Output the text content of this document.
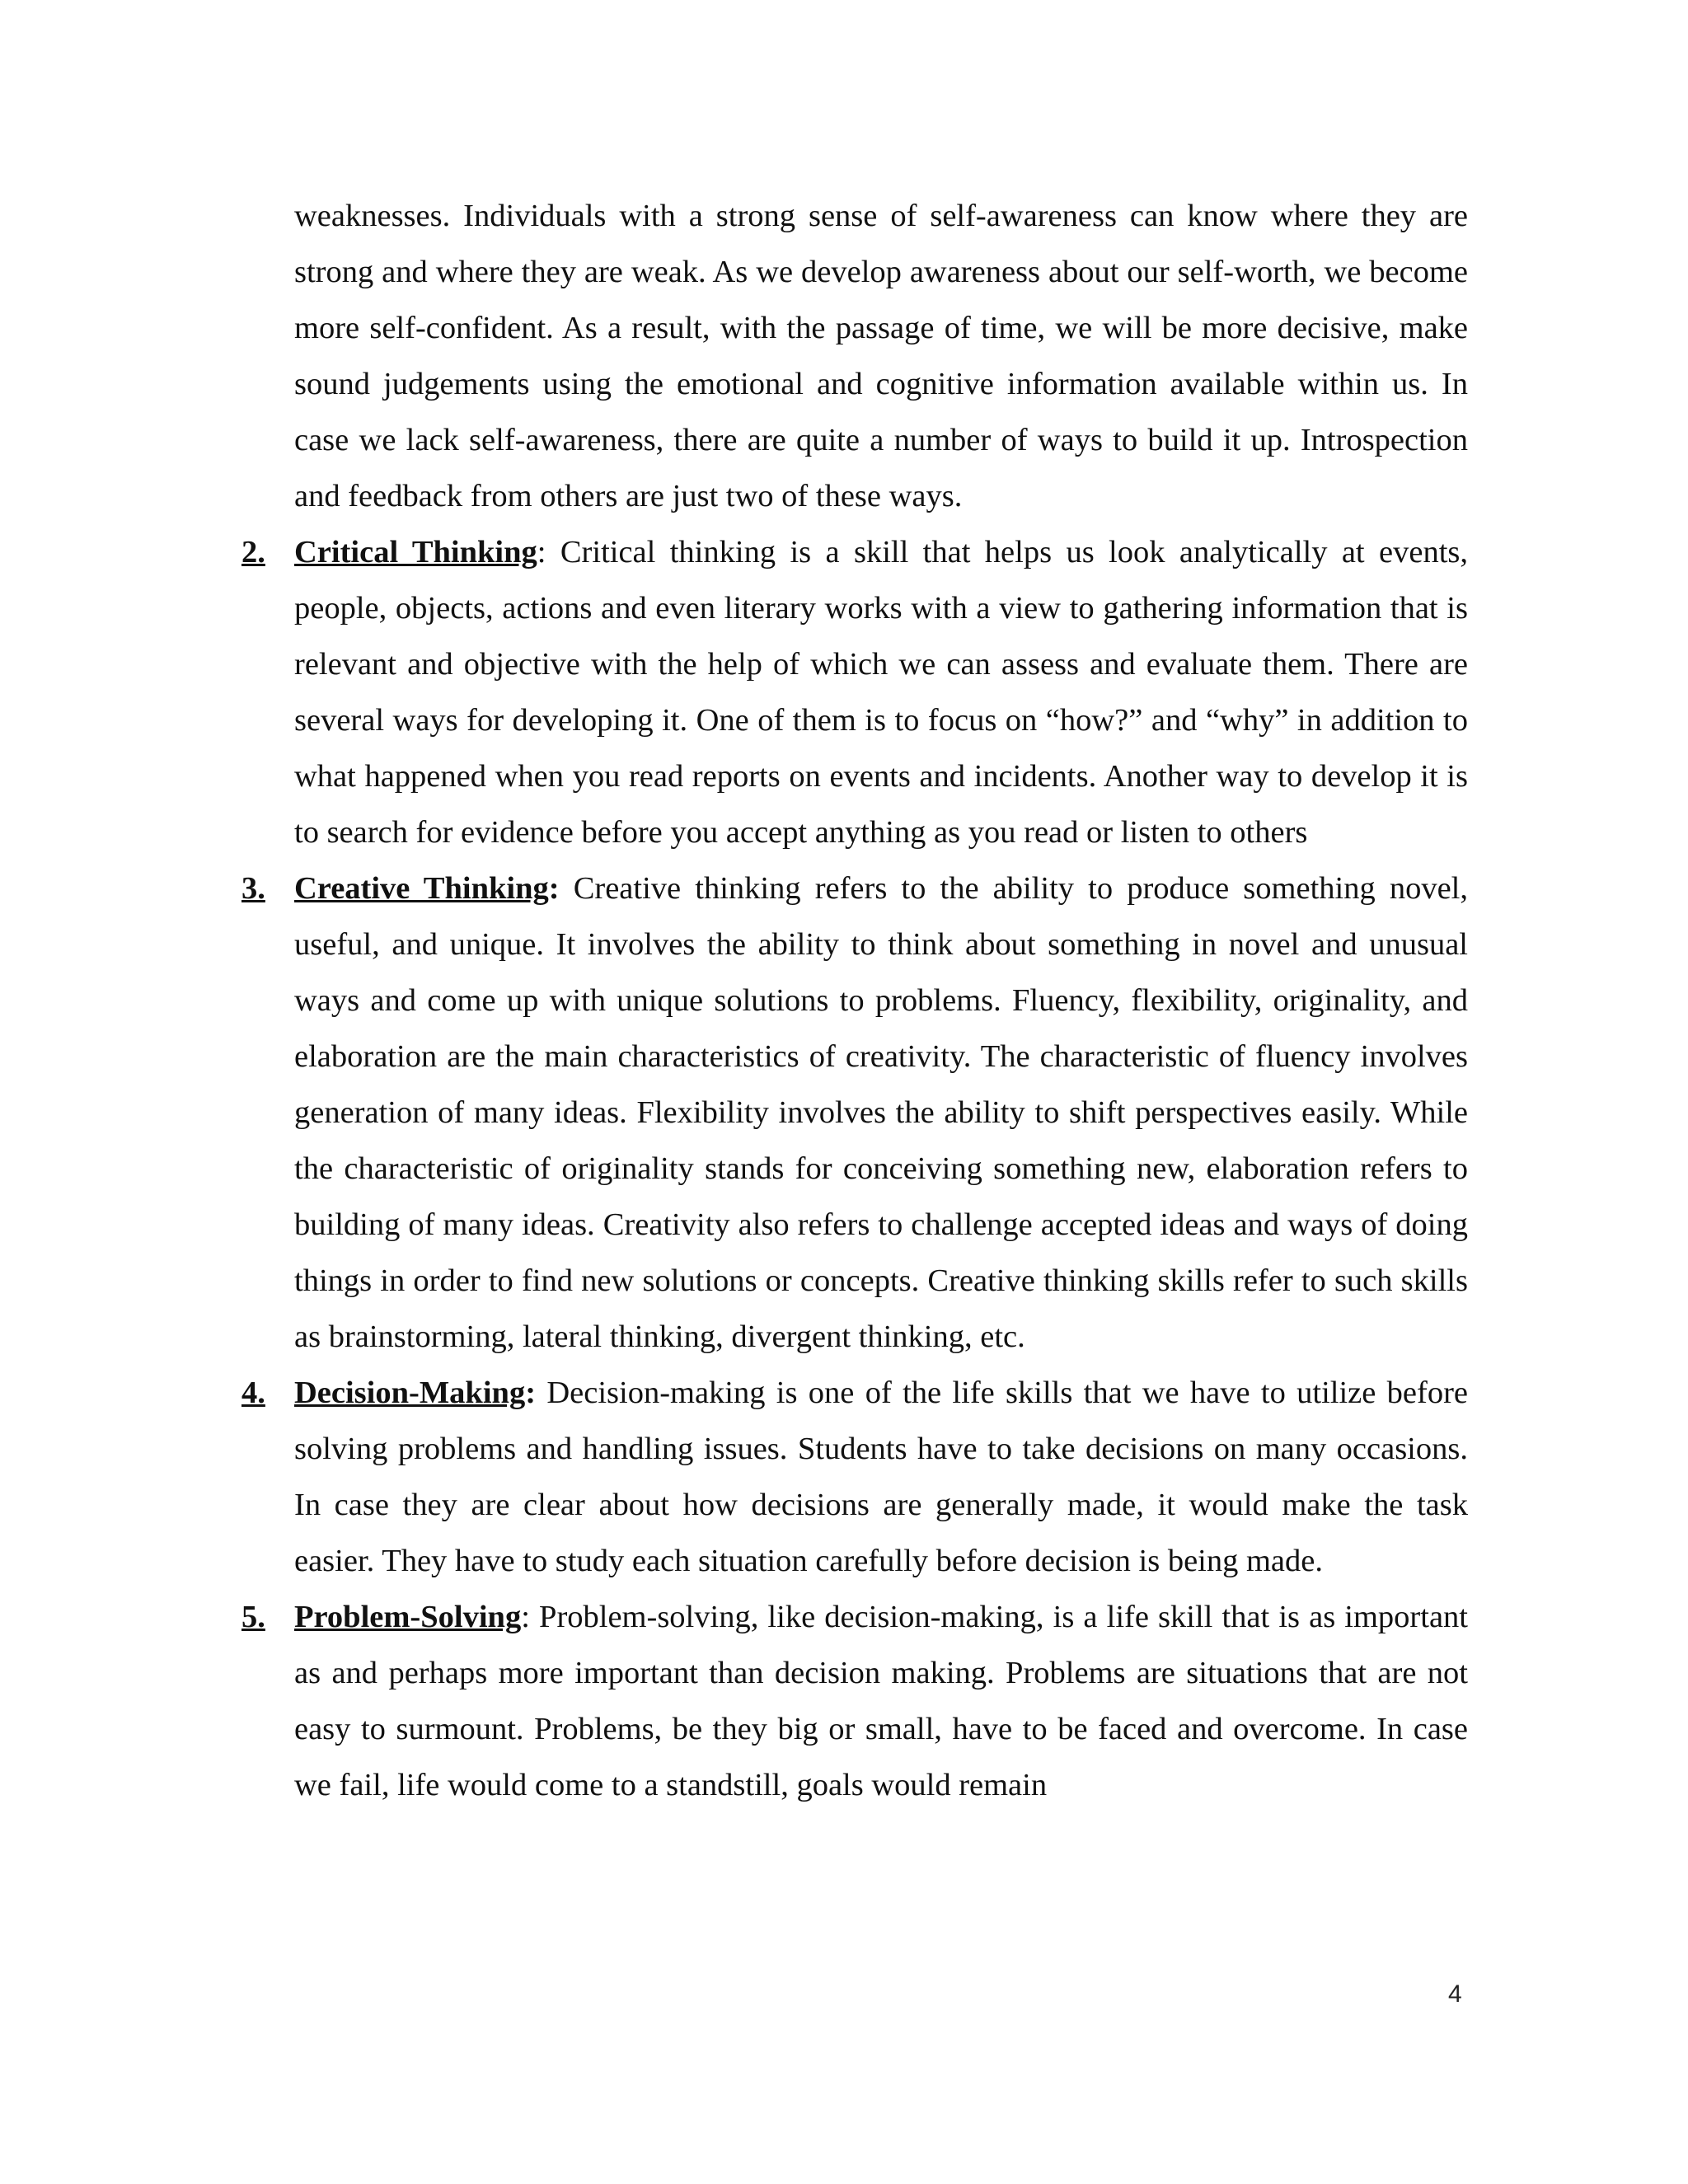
weaknesses. Individuals with a strong sense of self-awareness can know where they are strong and where they are weak. As we develop awareness about our self-worth, we become more self-confident. As a result, with the passage of time, we will be more decisive, make sound judgements using the emotional and cognitive information available within us. In case we lack self-awareness, there are quite a number of ways to build it up. Introspection and feedback from others are just two of these ways.

2. Critical Thinking: Critical thinking is a skill that helps us look analytically at events, people, objects, actions and even literary works with a view to gathering information that is relevant and objective with the help of which we can assess and evaluate them. There are several ways for developing it. One of them is to focus on “how?” and “why” in addition to what happened when you read reports on events and incidents. Another way to develop it is to search for evidence before you accept anything as you read or listen to others
3. Creative Thinking: Creative thinking refers to the ability to produce something novel, useful, and unique. It involves the ability to think about something in novel and unusual ways and come up with unique solutions to problems. Fluency, flexibility, originality, and elaboration are the main characteristics of creativity. The characteristic of fluency involves generation of many ideas. Flexibility involves the ability to shift perspectives easily. While the characteristic of originality stands for conceiving something new, elaboration refers to building of many ideas. Creativity also refers to challenge accepted ideas and ways of doing things in order to find new solutions or concepts. Creative thinking skills refer to such skills as brainstorming, lateral thinking, divergent thinking, etc.
4. Decision-Making: Decision-making is one of the life skills that we have to utilize before solving problems and handling issues. Students have to take decisions on many occasions. In case they are clear about how decisions are generally made, it would make the task easier. They have to study each situation carefully before decision is being made.
5. Problem-Solving: Problem-solving, like decision-making, is a life skill that is as important as and perhaps more important than decision making. Problems are situations that are not easy to surmount. Problems, be they big or small, have to be faced and overcome. In case we fail, life would come to a standstill, goals would remain
4
